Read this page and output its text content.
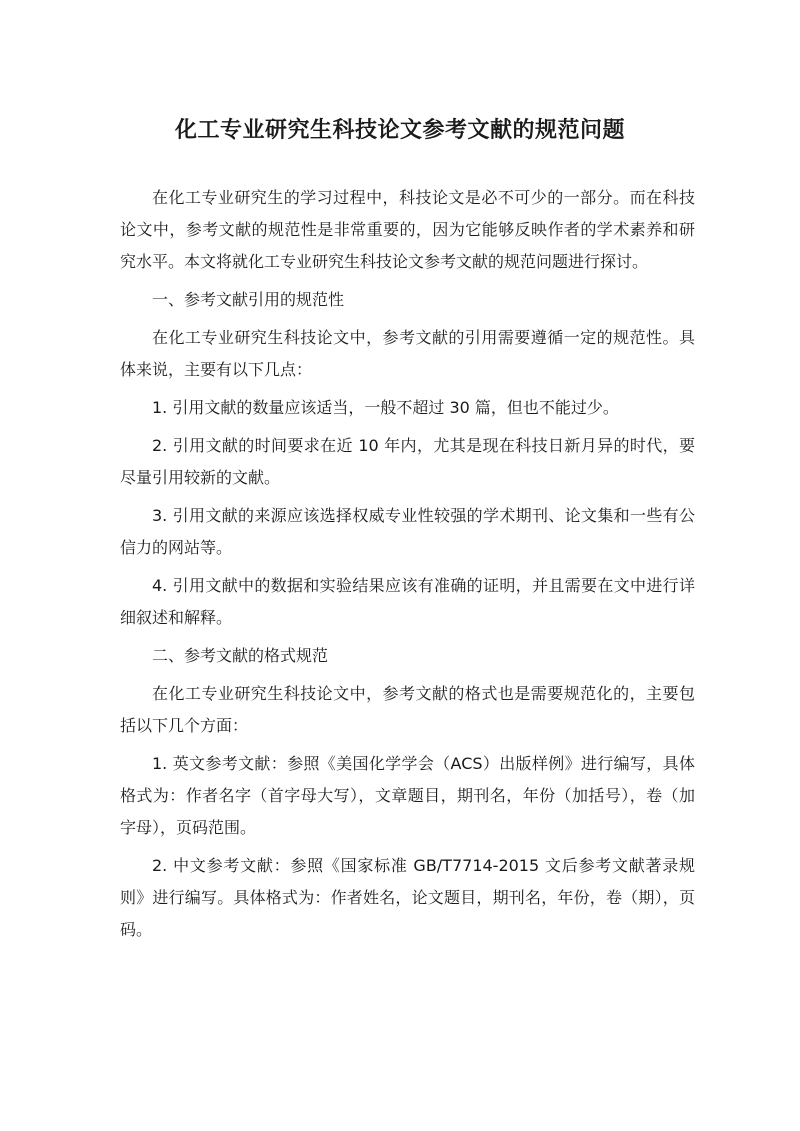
化工专业研究生科技论文参考文献的规范问题

在化工专业研究生的学习过程中，科技论文是必不可少的一部分。而在科技论文中，参考文献的规范性是非常重要的，因为它能够反映作者的学术素养和研究水平。本文将就化工专业研究生科技论文参考文献的规范问题进行探讨。

一、参考文献引用的规范性

在化工专业研究生科技论文中，参考文献的引用需要遵循一定的规范性。具体来说，主要有以下几点：

1. 引用文献的数量应该适当，一般不超过 30 篇，但也不能过少。

2. 引用文献的时间要求在近 10 年内，尤其是现在科技日新月异的时代，要尽量引用较新的文献。

3. 引用文献的来源应该选择权威专业性较强的学术期刊、论文集和一些有公信力的网站等。

4. 引用文献中的数据和实验结果应该有准确的证明，并且需要在文中进行详细叙述和解释。

二、参考文献的格式规范

在化工专业研究生科技论文中，参考文献的格式也是需要规范化的，主要包括以下几个方面：

1. 英文参考文献：参照《美国化学学会（ACS）出版样例》进行编写，具体格式为：作者名字（首字母大写），文章题目，期刊名，年份（加括号），卷（加字母），页码范围。

2. 中文参考文献：参照《国家标准 GB/T7714-2015 文后参考文献著录规则》进行编写。具体格式为：作者姓名，论文题目，期刊名，年份，卷（期），页码。
